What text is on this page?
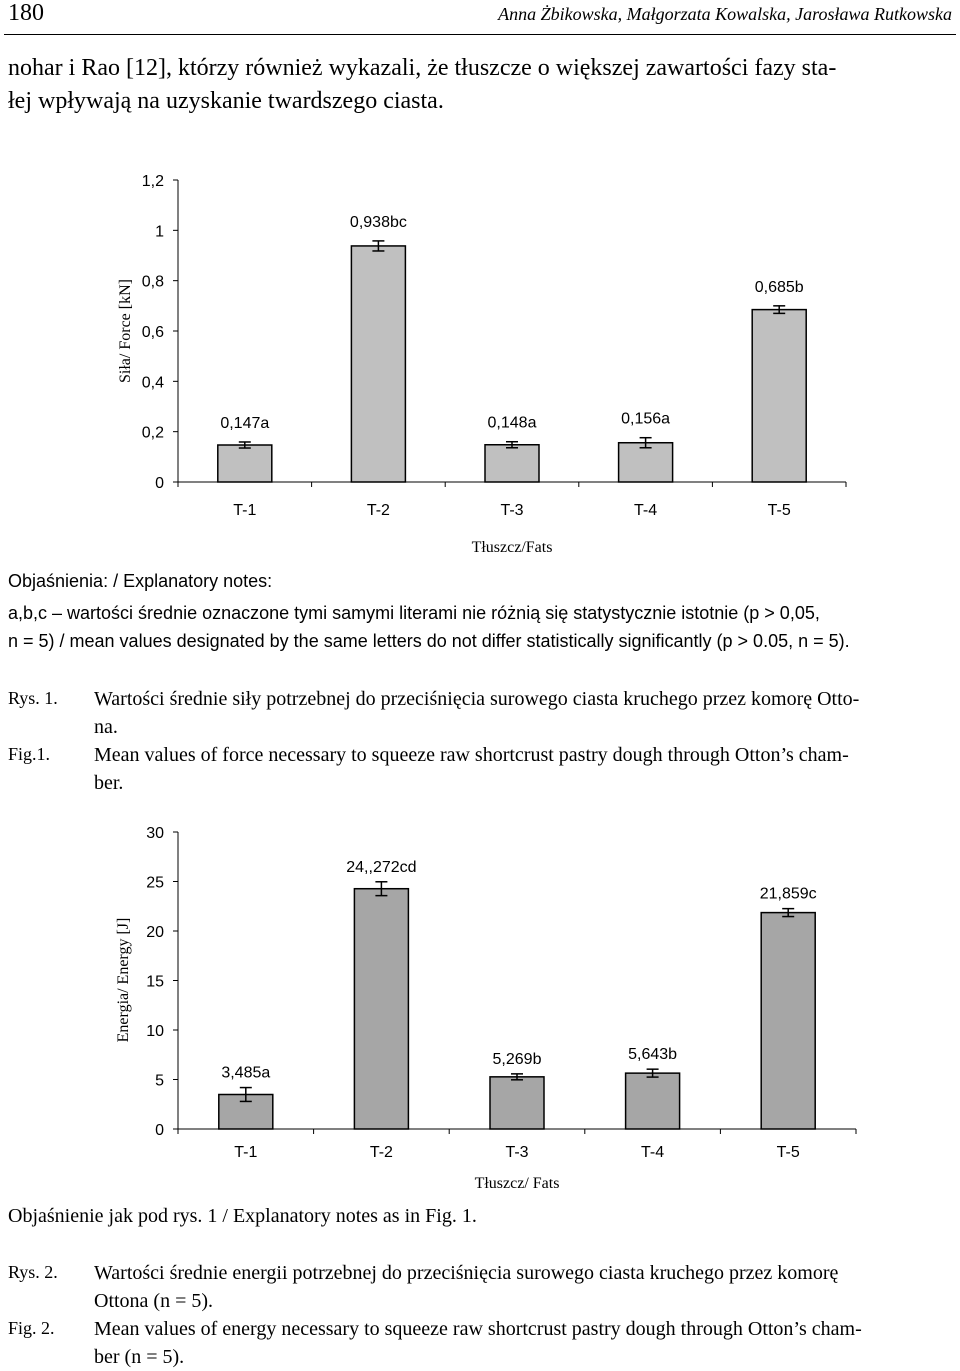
180	Anna Żbikowska, Małgorzata Kowalska, Jarosława Rutkowska
nohar i Rao [12], którzy również wykazali, że tłuszcze o większej zawartości fazy sta-
łej wpływają na uzyskanie twardszego ciasta.
0
0,2
0,4
0,6
0,8
1
1,2
0,147a
T-1
0,938bc
T-2
0,148a
T-3
0,156a
T-4
0,685b
T-5
Tłuszcz/Fats
Siła/ Force [kN]
Objaśnienia: / Explanatory notes:
a,b,c – wartości średnie oznaczone tymi samymi literami nie różnią się statystycznie istotnie (p > 0,05,
n = 5) / mean values designated by the same letters do not differ statistically significantly (p > 0.05, n = 5).
Rys. 1. Wartości średnie siły potrzebnej do przeciśnięcia surowego ciasta kruchego przez komorę Otto-
na.
Fig.1. Mean values of force necessary to squeeze raw shortcrust pastry dough through Otton’s cham-
ber.
0
5
10
15
20
25
30
3,485a
T-1
24,,272cd
T-2
5,269b
T-3
5,643b
T-4
21,859c
T-5
Tłuszcz/ Fats
Energia/ Energy [J]
Objaśnienie jak pod rys. 1 / Explanatory notes as in Fig. 1.
Rys. 2. Wartości średnie energii potrzebnej do przeciśnięcia surowego ciasta kruchego przez komorę
Ottona (n = 5).
Fig. 2. Mean values of energy necessary to squeeze raw shortcrust pastry dough through Otton’s cham-
ber (n = 5).
